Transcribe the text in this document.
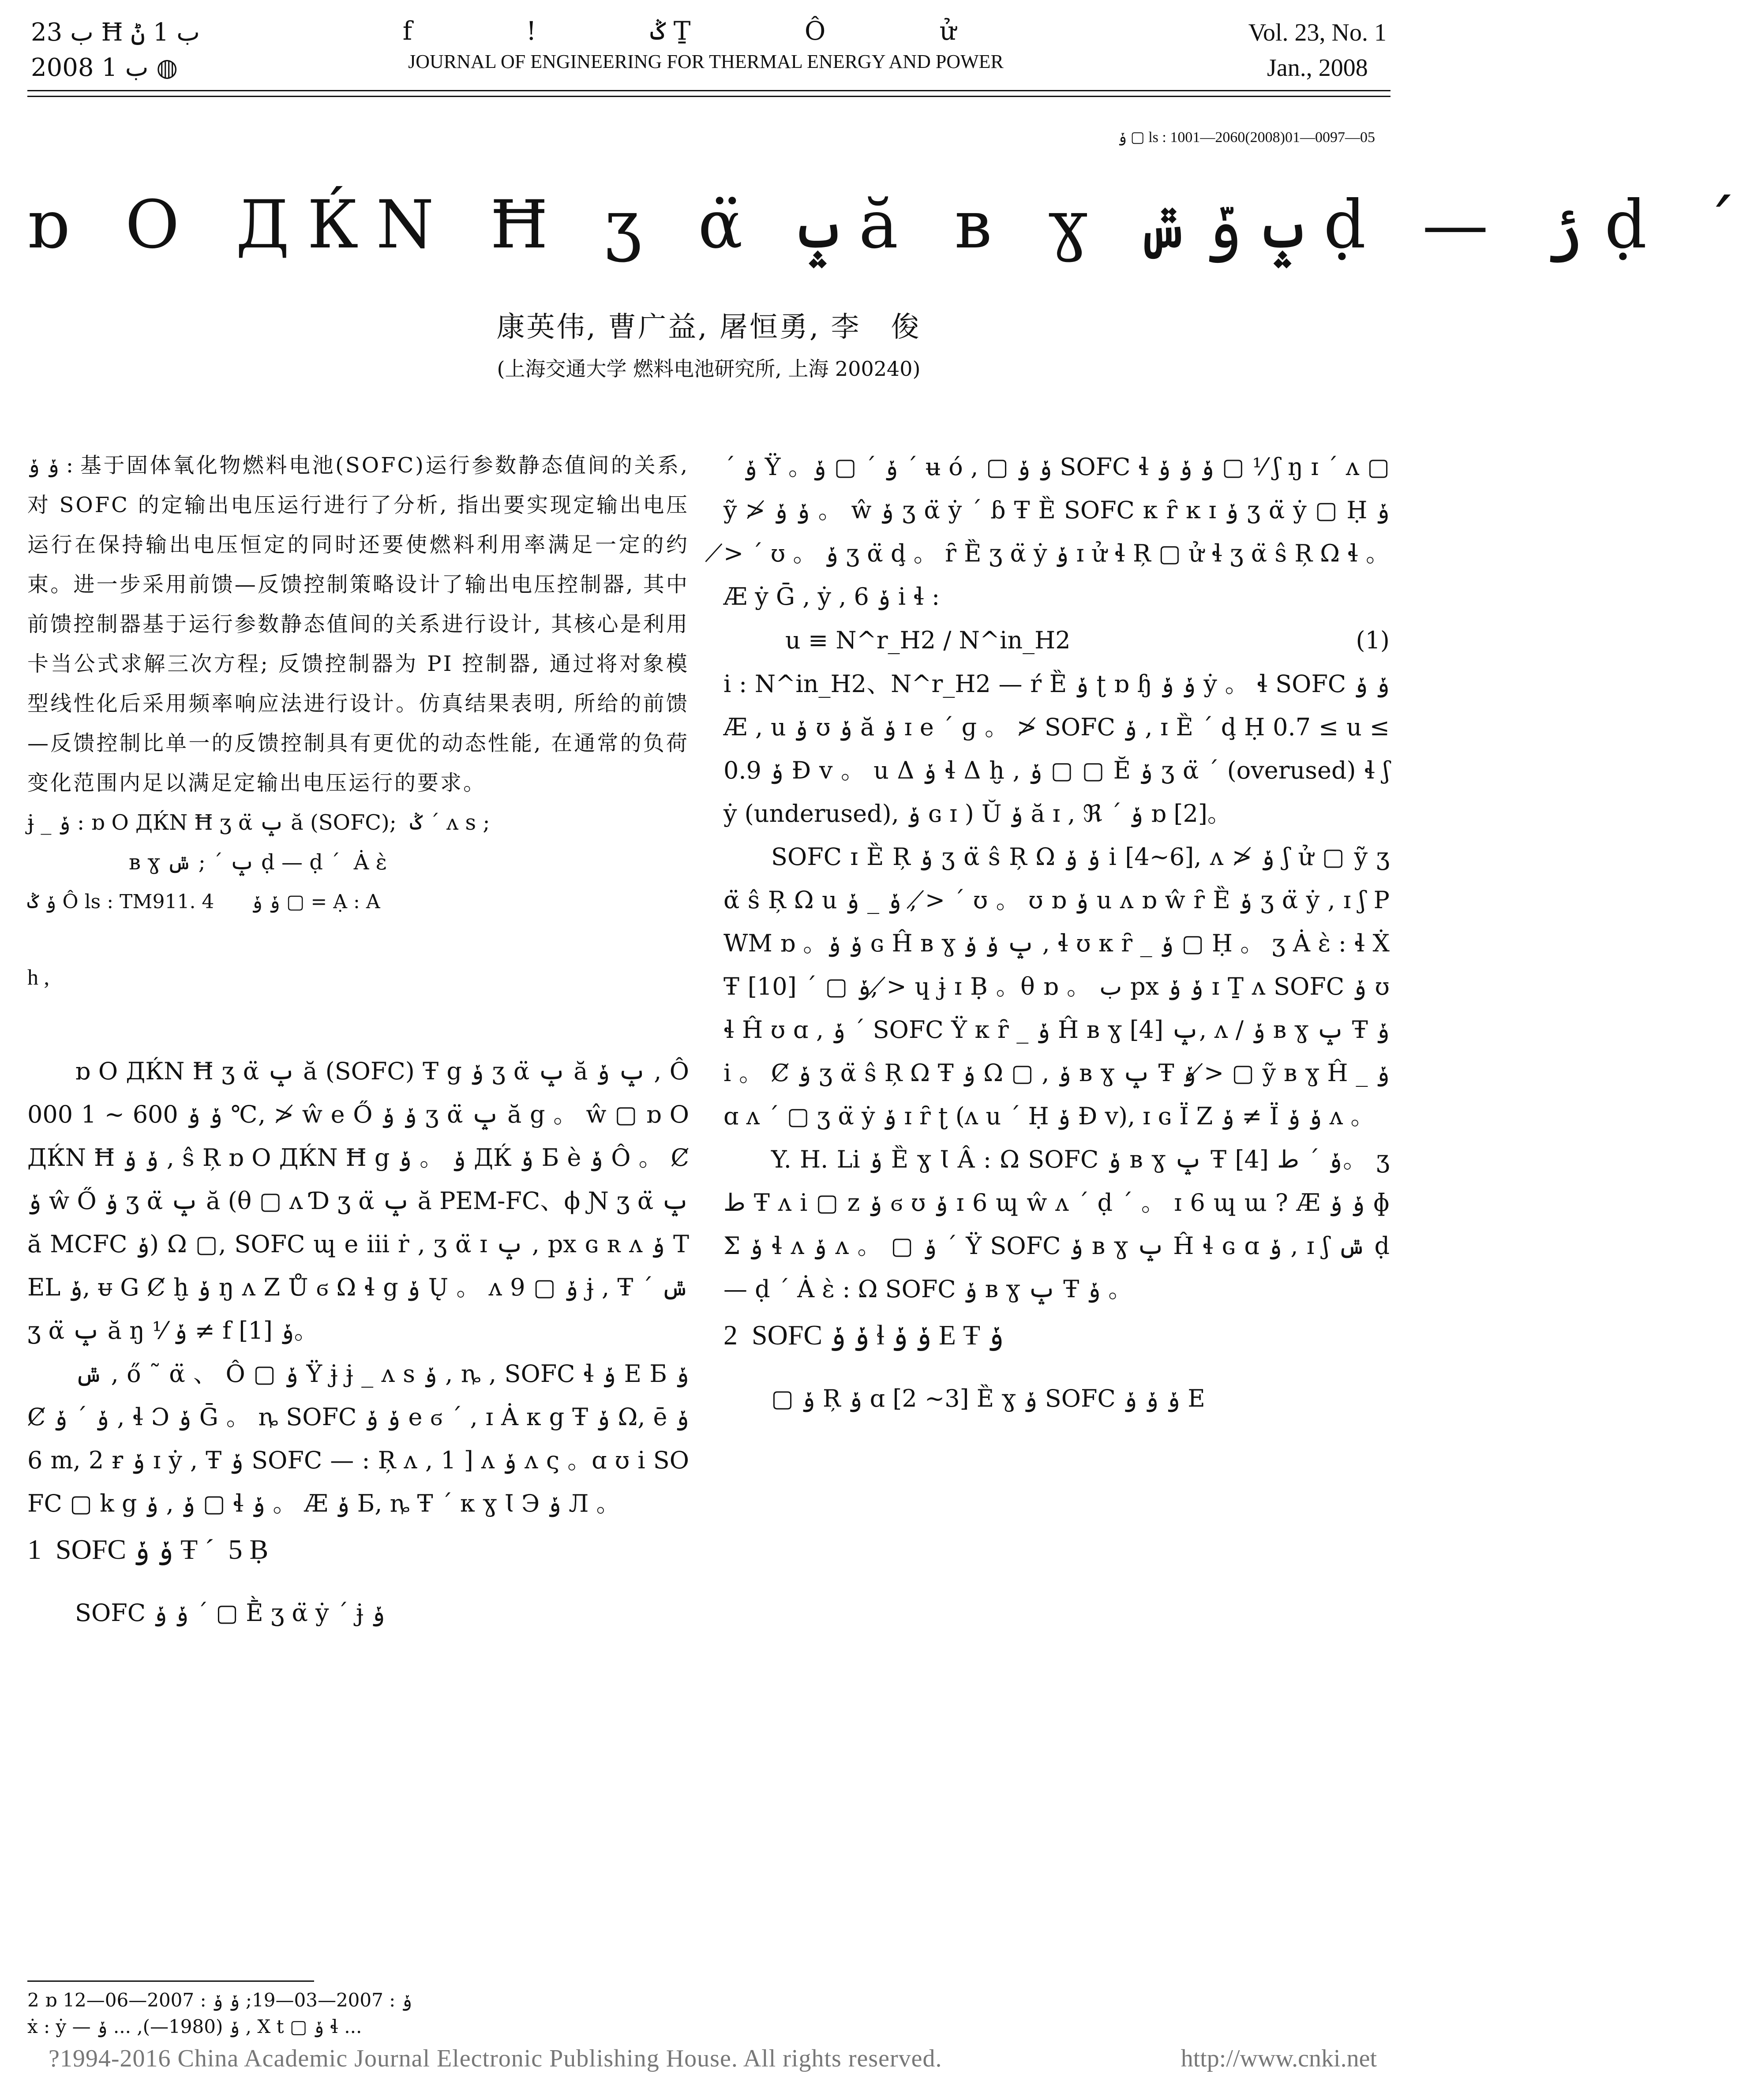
ب 23 Ħ ب 1 ݨ
2008 ب 1 ◍
f ! ݣ Ṯ Ô ử
JOURNAL OF ENGINEERING FOR THERMAL ENERGY AND POWER
Vol. 23, No. 1
Jan., 2008
ݸ ▢ ls : 1001—2060(2008)01—0097—05
ɒ O ДЌΝ Ħ ʒ α̈ ݒ ă ʙ ɣ ݒ ݹ ݜ ḍ — ݬ ḍ ´
康英伟, 曹广益, 屠恒勇, 李　俊
(上海交通大学 燃料电池研究所, 上海 200240)

ݸ ݸ : 基于固体氧化物燃料电池(SOFC)运行参数静态值间的关系, 对 SOFC 的定输出电压运行进行了分析, 指出要实现定输出电压运行在保持输出电压恒定的同时还要使燃料利用率满足一定的约束。进一步采用前馈—反馈控制策略设计了输出电压控制器, 其中前馈控制器基于运行参数静态值间的关系进行设计, 其核心是利用卡当公式求解三次方程; 反馈控制器为 PI 控制器, 通过将对象模型线性化后采用频率响应法进行设计。仿真结果表明, 所给的前馈—反馈控制比单一的反馈控制具有更优的动态性能, 在通常的负荷变化范围内足以满足定输出电压运行的要求。

ɉ _ ݸ : ɒ O ДЌΝ Ħ ʒ α̈ ݒ ă (SOFC);  ݣ ´ ʌ s ;

ʙ ɣ ݒ ´ ; ݜ ḍ — ḍ ´  Ȧ ὲ

ݸ ݣ Ô ls : TM911. 4      ݸ ݸ ▢ = Ạ : A

h ,

ɒ O ДЌΝ Ħ ʒ α̈ ݒ ă (SOFC) Ŧ g ݸ ʒ α̈ ݒ ă ݒ ݸ , Ô ݸ ݸ 600 ~ 1 000 ℃, ≯ ŵ e Ő ݸ ݸ ʒ α̈ ݒ ă g 。 ŵ ▢ ɒ O ДЌΝ Ħ ݸ ݸ , ŝ Ŗ ɒ O ДЌΝ Ħ g ݸ 。 ݸ ДЌ ݸ Б è ݸ Ô 。 Ȼ ݸ ŵ Ő ݸ ʒ α̈ ݒ ă (θ ▢ ʌ Ɗ ʒ α̈ ݒ ă PEM-FC、ϕ Ɲ ʒ α̈ ݒ ă MCFC ݸ) Ω ▢, SOFC ɰ e iii ṙ , ʒ α̈ ɪ ݒ , px ɢ ʀ ʌ ݸ TEL ݸ, ᵾ G Ȼ ḫ ݸ ŋ ʌ Z Ů ϭ Ω ɬ g ݸ Ų 。 ʌ ݸ ▢ 9 ɉ , Ŧ ´ ݜ ʒ α̈ ݒ ă ŋ ⅟ ݸ ≠ f ݸ [1]。

ݜ , ő ˜ α̈ 、 Ô ▢ ݸ Ÿ ɉ ɉ _ ʌ s ݸ , ȵ , SOFC ɬ ݸ E Б ݸ Ȼ ݸ ´ ݸ , ɬ Ɔ ݸ Ḡ 。 ȵ SOFC ݸ ݸ e ϭ ´ , ɪ Ȧ κ g Ŧ ݸ Ω, ē ݸ 6 m, 2 ɍ ݸ ɪ ẏ , Ŧ ݸ SOFC — : Ŗ ʌ , 1 ] ʌ ݸ ʌ ς 。ɑ ʊ i SOFC ▢ k g ݸ , ݸ ▢ ɬ ݸ 。 Æ ݸ Б, ȵ Ŧ ´ κ ɣ Ɩ Э ݸ Л 。

1  SOFC ݸ ݸ Ŧ ´  5 Ḅ

SOFC ݸ ݸ ´ ▢ Ḕ ʒ α̈ ẏ ´ ɉ ݸ

´ ݸ Ÿ 。ݸ ´ ▢ ݸ ´ ʉ ó , ▢ ݸ ݸ SOFC ɬ ݸ ݸ ݸ ▢ ⅟ ʃ ŋ ɪ ´ ʌ ▢ ỹ ≯ ݸ ݸ 。 ŵ ݸ ʒ α̈ ẏ ´ ɓ Ŧ Ȅ SOFC κ ȓ ĸ ɪ ݸ ʒ α̈ ẏ ▢ Ḥ ݸ ≯ ´ ʊ 。 ݸ ʒ α̈ ḑ 。 ȓ Ȅ ʒ α̈ ẏ ݸ ɪ ử ɬ Ŗ ▢ ử ɬ ʒ α̈ ŝ Ŗ Ω ɬ 。 Æ ẏ Ḡ , ẏ , ݸ 6 i ɬ :

u ≡ N^r_H2 / N^in_H2	(1)

i : N^in_H2、N^r_H2 — ŕ Ȅ ݸ ʈ ɒ ɧ ݸ ݸ ẏ 。 ɬ SOFC ݸ ݸ Æ , u ݸ ʊ ݸ ă ݸ ɪ e ´ ɡ 。 ≯ SOFC ݸ , ɪ Ȅ ´ ḑ Ḥ 0.7 ≤ u ≤ 0.9 ݸ Ɖ v 。 u Δ ݸ ɬ Δ ḫ , ݸ ▢ ▢ Ĕ ݸ ʒ α̈ ´ (overused) ɬ ʃ ẏ (underused), ݸ ɢ ɪ ) Ŭ ݸ ă ɪ , ℜ ´ ݸ ɒ [2]。

SOFC ɪ Ȅ Ŗ ݸ ʒ α̈ ŝ Ŗ Ω ݸ ݸ i [4~6], ʌ ≯ ݸ ʃ ử ▢ ỹ ʒ α̈ ŝ Ŗ Ω u ݸ _ ݸ , ≯ ´ ʊ 。 ʊ ɒ ݸ u ʌ ɒ ŵ ȓ Ȅ ݸ ʒ α̈ ẏ , ɪ ʃ PWM ɒ 。ݸ ݸ ɢ Ĥ ʙ ɣ ݒ ݸ ݸ , ɬ ʊ κ ȓ _ ݸ ▢ Ḥ 。 ʒ Ȧ ὲ : ɬ Ẋ Ŧ ݸ ▢ ´ [10], ≯ ɥ ɉ ɪ Ḅ 。θ ɒ 。 ب px ݸ ݸ ɪ Ṯ ʌ SOFC ݸ ʊ ɬ Ĥ ʊ ɑ , ݸ ´ SOFC Ÿ κ ȓ _ ݸ Ĥ ʙ ɣ ݒ [4], ʌ / ݸ ʙ ɣ ݒ Ŧ ݸ i 。 Ȼ ݸ ʒ α̈ ŝ Ŗ Ω Ŧ ݸ Ω ▢ , ݸ ʙ ɣ ݒ Ŧ ݸ ≯ ▢ ỹ ʙ ɣ Ĥ _ ݸ ɑ ʌ ´ ▢ ʒ α̈ ẏ ݸ ɪ ȓ ʈ (ʌ u ´ Ḥ ݸ Ɖ v), ɪ ɢ Ï Z ݸ ≠ Ï ݸ ݸ ʌ 。

Y. H. Li ݸ Ȅ ɣ Ɩ Â : Ω SOFC ݸ ʙ ɣ ݒ Ŧ ݸ ´ ط [4]。 ʒ ط Ŧ ʌ i ▢ z ݸ ϭ ʊ ݸ ɪ 6 ɰ ŵ ʌ ´ ḍ ´ 。 ɪ 6 ɰ ɯ ? Æ ݸ ݸ ɸ Σ ݸ ɬ ʌ ݸ ʌ 。 ▢ ݸ ´ Ÿ SOFC ݸ ʙ ɣ ݒ Ĥ ɬ ɢ ɑ ݸ , ɪ ʃ ݜ ḍ — ḍ ´ Ȧ ὲ : Ω SOFC ݸ ʙ ɣ ݒ Ŧ ݸ 。

2  SOFC ݸ ݸ ɬ ݸ ݸ E Ŧ ݸ

▢ ݸ Ŗ ݸ ɑ [2 ~3] Ȅ ɣ ݸ SOFC ݸ ݸ ݸ E

2 ɒ ݸ : 2007—03—19; ݸ ݸ : 2007—06—12
ẋ : ẏ — ݸ (1980—), ... ݸ , X t ▢ ݸ ɬ ...
?1994-2016 China Academic Journal Electronic Publishing House. All rights reserved.	http://www.cnki.net
